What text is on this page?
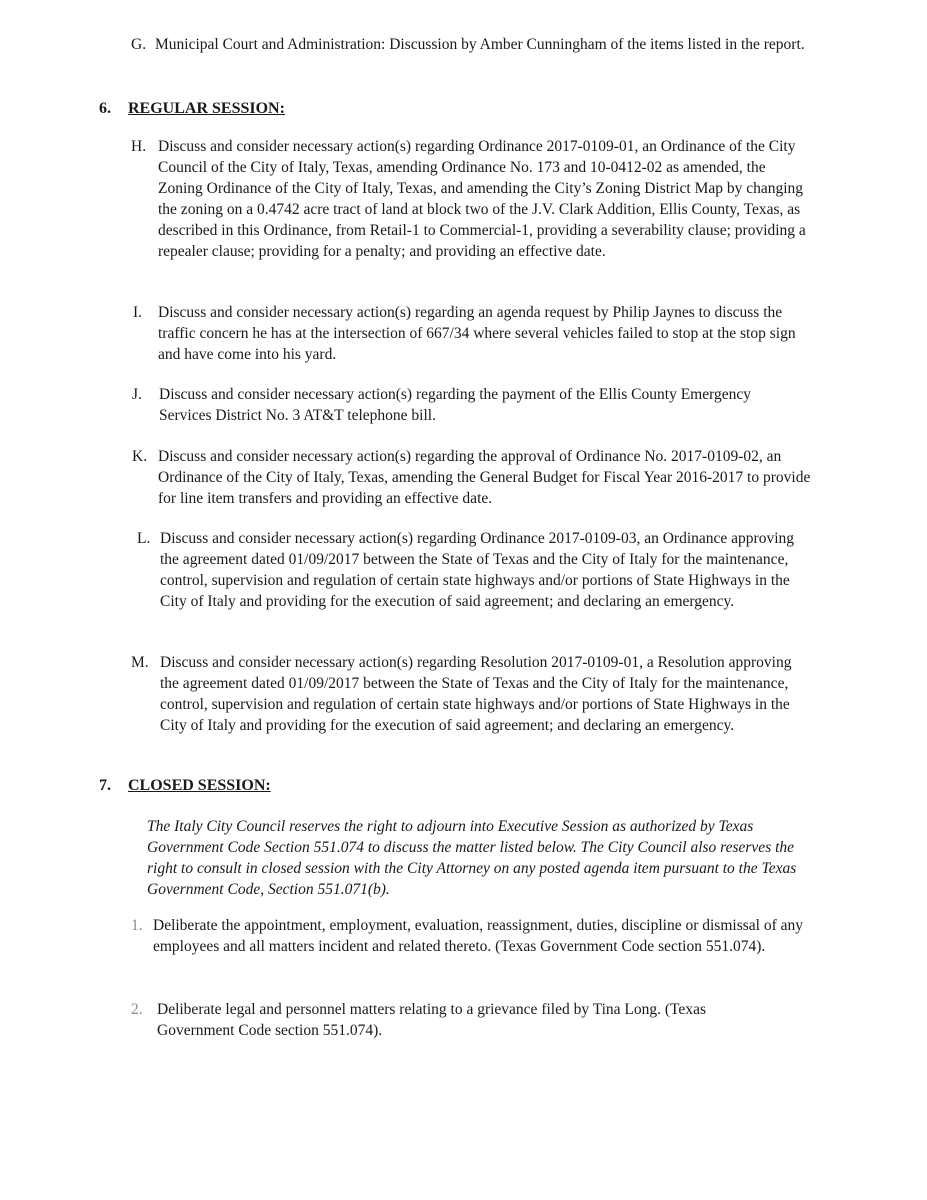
G. Municipal Court and Administration: Discussion by Amber Cunningham of the items listed in the report.
6. REGULAR SESSION:
H. Discuss and consider necessary action(s) regarding Ordinance 2017-0109-01, an Ordinance of the City Council of the City of Italy, Texas, amending Ordinance No. 173 and 10-0412-02 as amended, the Zoning Ordinance of the City of Italy, Texas, and amending the City’s Zoning District Map by changing the zoning on a 0.4742 acre tract of land at block two of the J.V. Clark Addition, Ellis County, Texas, as described in this Ordinance, from Retail-1 to Commercial-1, providing a severability clause; providing a repealer clause; providing for a penalty; and providing an effective date.
I.	Discuss and consider necessary action(s) regarding an agenda request by Philip Jaynes to discuss the traffic concern he has at the intersection of 667/34 where several vehicles failed to stop at the stop sign and have come into his yard.
J.	Discuss and consider necessary action(s) regarding the payment of the Ellis County Emergency Services District No. 3 AT&T telephone bill.
K. Discuss and consider necessary action(s) regarding the approval of Ordinance No. 2017-0109-02, an Ordinance of the City of Italy, Texas, amending the General Budget for Fiscal Year 2016-2017 to provide for line item transfers and providing an effective date.
L. Discuss and consider necessary action(s) regarding Ordinance 2017-0109-03, an Ordinance approving the agreement dated 01/09/2017 between the State of Texas and the City of Italy for the maintenance, control, supervision and regulation of certain state highways and/or portions of State Highways in the City of Italy and providing for the execution of said agreement; and declaring an emergency.
M. Discuss and consider necessary action(s) regarding Resolution 2017-0109-01, a Resolution approving the agreement dated 01/09/2017 between the State of Texas and the City of Italy for the maintenance, control, supervision and regulation of certain state highways and/or portions of State Highways in the City of Italy and providing for the execution of said agreement; and declaring an emergency.
7. CLOSED SESSION:
The Italy City Council reserves the right to adjourn into Executive Session as authorized by Texas Government Code Section 551.074 to discuss the matter listed below. The City Council also reserves the right to consult in closed session with the City Attorney on any posted agenda item pursuant to the Texas Government Code, Section 551.071(b).
1. Deliberate the appointment, employment, evaluation, reassignment, duties, discipline or dismissal of any employees and all matters incident and related thereto. (Texas Government Code section 551.074).
2. Deliberate legal and personnel matters relating to a grievance filed by Tina Long. (Texas Government Code section 551.074).
